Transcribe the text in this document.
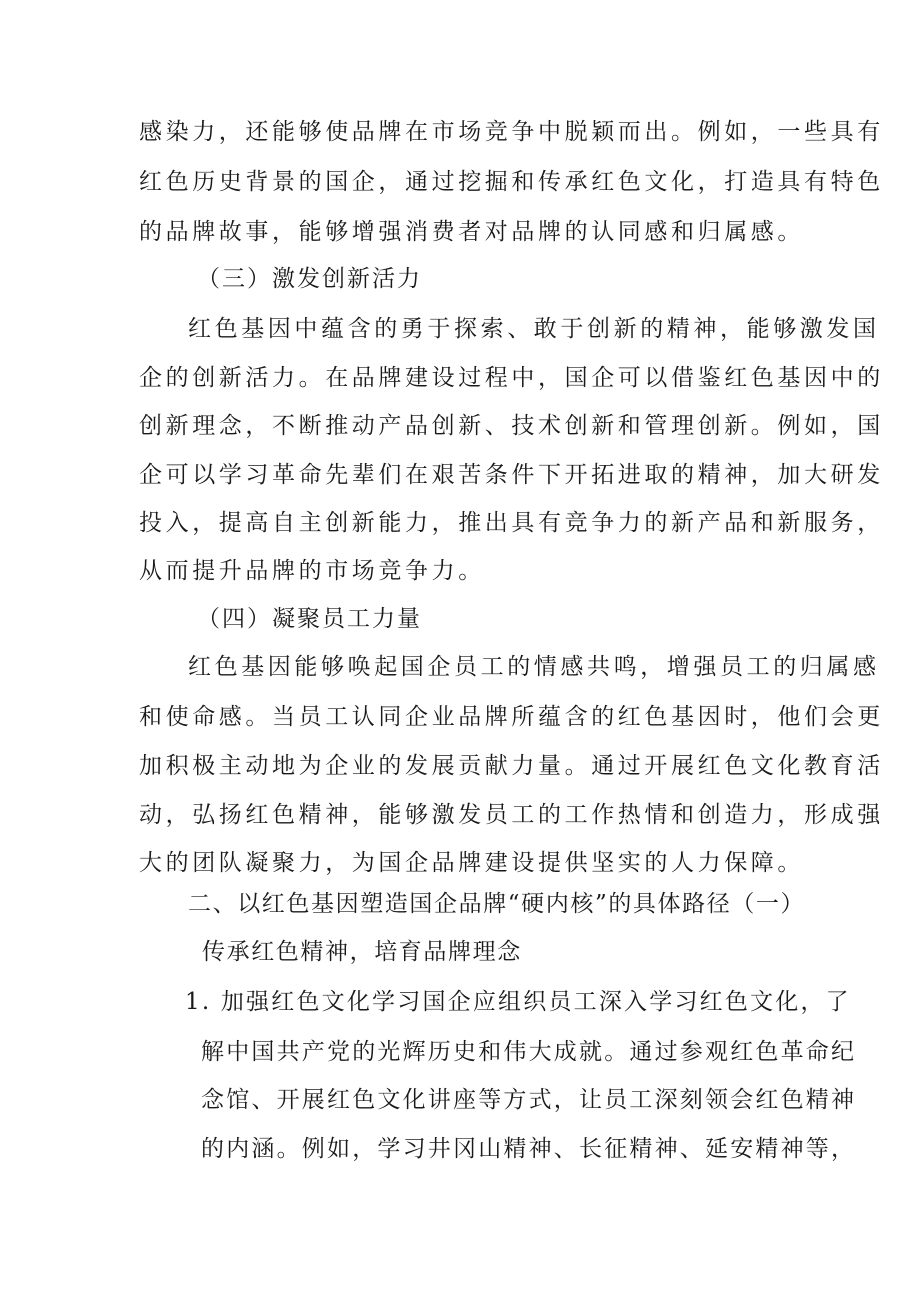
感染力，还能够使品牌在市场竞争中脱颖而出。例如，一些具有
红色历史背景的国企，通过挖掘和传承红色文化，打造具有特色
的品牌故事，能够增强消费者对品牌的认同感和归属感。
（三）激发创新活力
红色基因中蕴含的勇于探索、敢于创新的精神，能够激发国
企的创新活力。在品牌建设过程中，国企可以借鉴红色基因中的
创新理念，不断推动产品创新、技术创新和管理创新。例如，国
企可以学习革命先辈们在艰苦条件下开拓进取的精神，加大研发
投入，提高自主创新能力，推出具有竞争力的新产品和新服务，
从而提升品牌的市场竞争力。
（四）凝聚员工力量
红色基因能够唤起国企员工的情感共鸣，增强员工的归属感
和使命感。当员工认同企业品牌所蕴含的红色基因时，他们会更
加积极主动地为企业的发展贡献力量。通过开展红色文化教育活
动，弘扬红色精神，能够激发员工的工作热情和创造力，形成强
大的团队凝聚力，为国企品牌建设提供坚实的人力保障。
二、以红色基因塑造国企品牌“硬内核”的具体路径（一）
传承红色精神，培育品牌理念
1. 加强红色文化学习国企应组织员工深入学习红色文化，了
解中国共产党的光辉历史和伟大成就。通过参观红色革命纪
念馆、开展红色文化讲座等方式，让员工深刻领会红色精神
的内涵。例如，学习井冈山精神、长征精神、延安精神等，
